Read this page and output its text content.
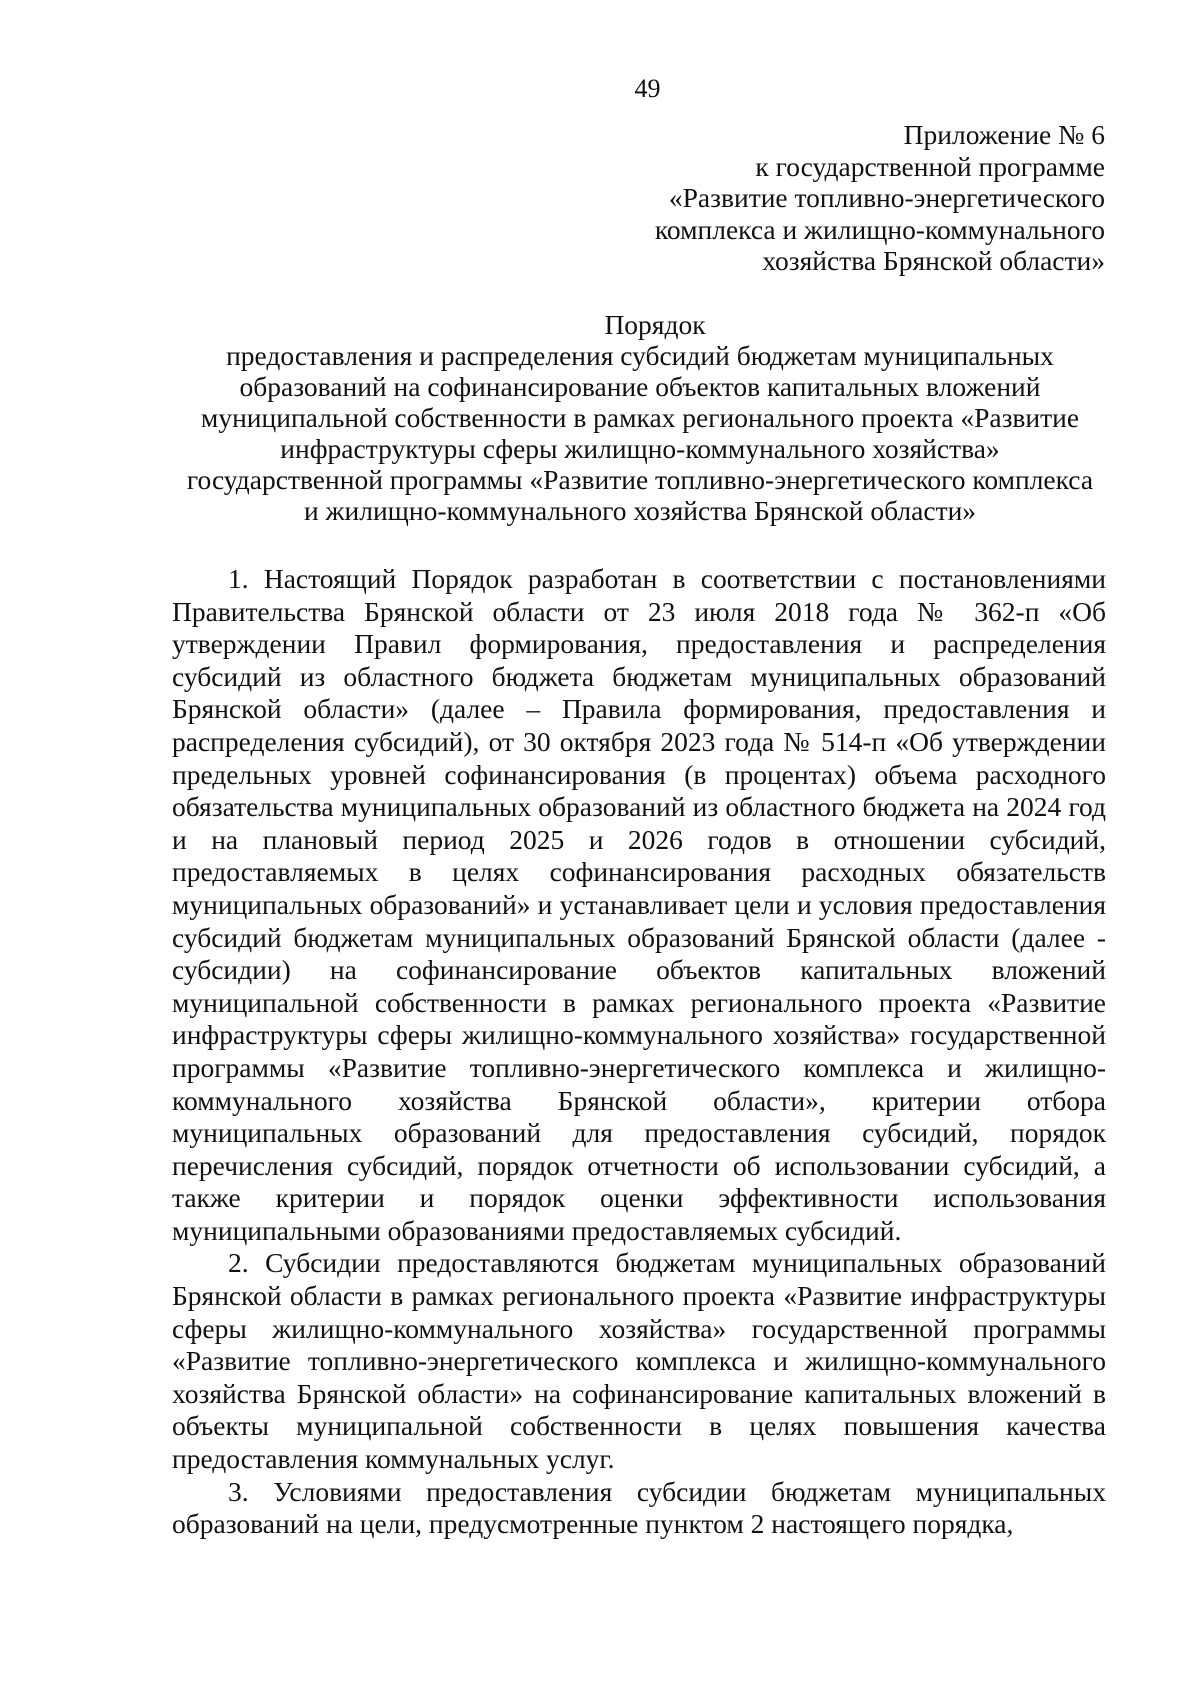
49
Приложение № 6
к государственной программе
«Развитие топливно-энергетического
комплекса и жилищно-коммунального
хозяйства Брянской области»
Порядок
предоставления и распределения субсидий бюджетам муниципальных
образований на софинансирование объектов капитальных вложений
муниципальной собственности в рамках регионального проекта «Развитие
инфраструктуры сферы жилищно-коммунального хозяйства»
государственной программы «Развитие топливно-энергетического комплекса
и жилищно-коммунального хозяйства Брянской области»

1. Настоящий Порядок разработан в соответствии с постановлениями Правительства Брянской области от 23 июля 2018 года № 362-п «Об утверждении Правил формирования, предоставления и распределения субсидий из областного бюджета бюджетам муниципальных образований Брянской области» (далее – Правила формирования, предоставления и распределения субсидий), от 30 октября 2023 года № 514-п «Об утверждении предельных уровней софинансирования (в процентах) объема расходного обязательства муниципальных образований из областного бюджета на 2024 год и на плановый период 2025 и 2026 годов в отношении субсидий, предоставляемых в целях софинансирования расходных обязательств муниципальных образований» и устанавливает цели и условия предоставления субсидий бюджетам муниципальных образований Брянской области (далее - субсидии) на софинансирование объектов капитальных вложений муниципальной собственности в рамках регионального проекта «Развитие инфраструктуры сферы жилищно-коммунального хозяйства» государственной программы «Развитие топливно-энергетического комплекса и жилищно-коммунального хозяйства Брянской области», критерии отбора муниципальных образований для предоставления субсидий, порядок перечисления субсидий, порядок отчетности об использовании субсидий, а также критерии и порядок оценки эффективности использования муниципальными образованиями предоставляемых субсидий.

2. Субсидии предоставляются бюджетам муниципальных образований Брянской области в рамках регионального проекта «Развитие инфраструктуры сферы жилищно-коммунального хозяйства» государственной программы «Развитие топливно-энергетического комплекса и жилищно-коммунального хозяйства Брянской области» на софинансирование капитальных вложений в объекты муниципальной собственности в целях повышения качества предоставления коммунальных услуг.

3. Условиями предоставления субсидии бюджетам муниципальных образований на цели, предусмотренные пунктом 2 настоящего порядка,
